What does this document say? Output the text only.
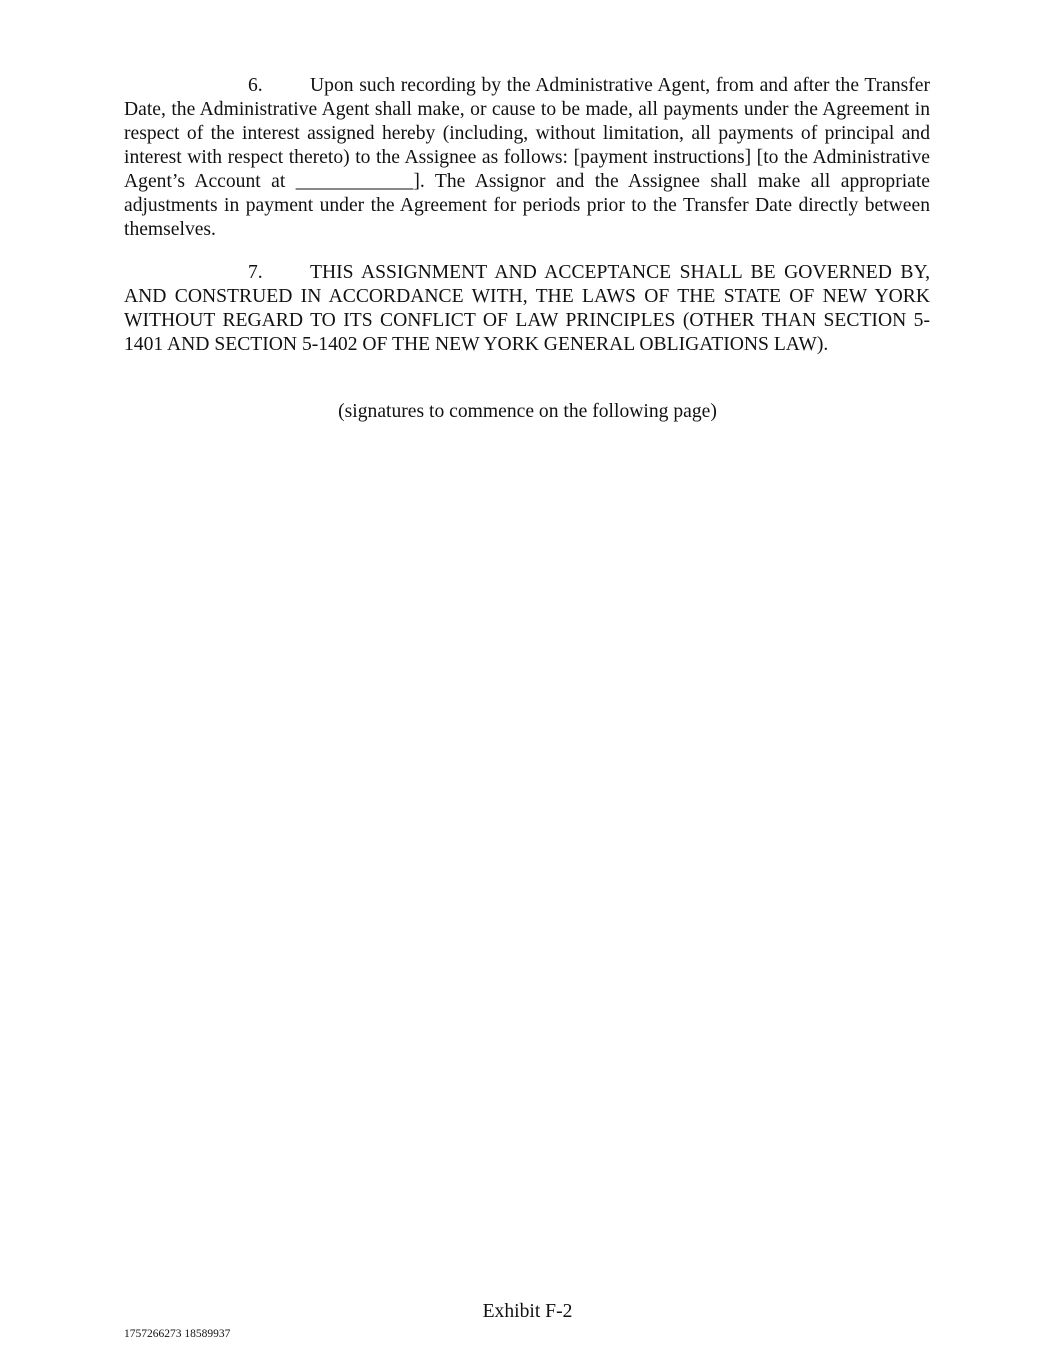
6. Upon such recording by the Administrative Agent, from and after the Transfer Date, the Administrative Agent shall make, or cause to be made, all payments under the Agreement in respect of the interest assigned hereby (including, without limitation, all payments of principal and interest with respect thereto) to the Assignee as follows: [payment instructions] [to the Administrative Agent’s Account at ____________]. The Assignor and the Assignee shall make all appropriate adjustments in payment under the Agreement for periods prior to the Transfer Date directly between themselves.

7. THIS ASSIGNMENT AND ACCEPTANCE SHALL BE GOVERNED BY, AND CONSTRUED IN ACCORDANCE WITH, THE LAWS OF THE STATE OF NEW YORK WITHOUT REGARD TO ITS CONFLICT OF LAW PRINCIPLES (OTHER THAN SECTION 5-1401 AND SECTION 5-1402 OF THE NEW YORK GENERAL OBLIGATIONS LAW).

(signatures to commence on the following page)
Exhibit F-2
1757266273 18589937
